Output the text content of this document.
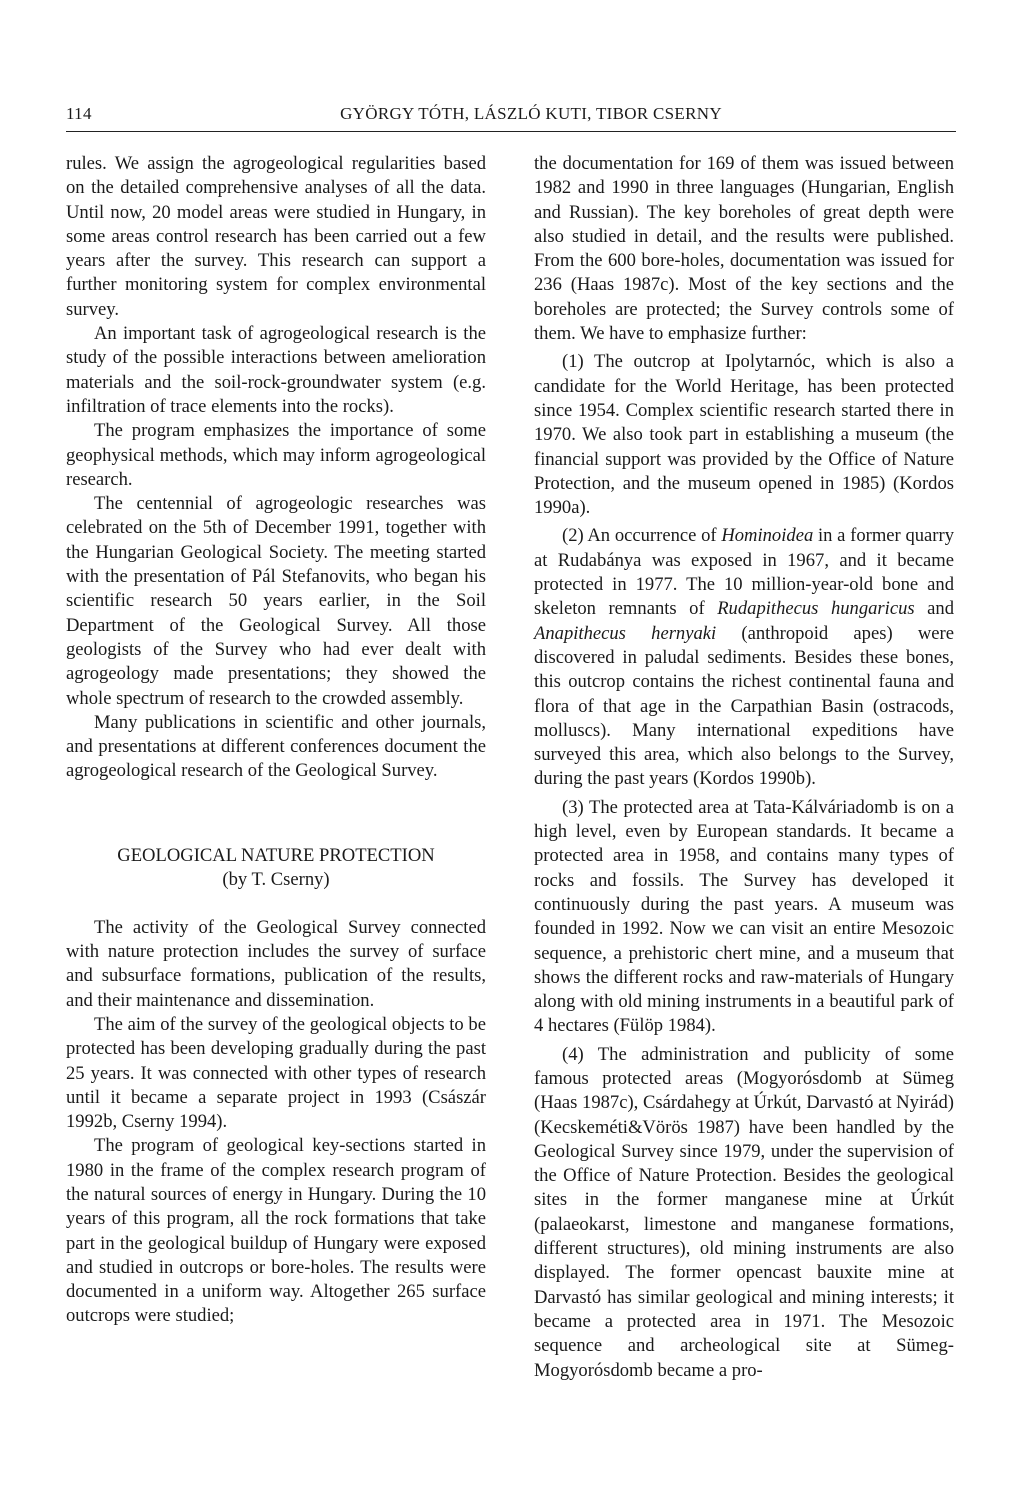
114	GYÖRGY TÓTH, LÁSZLÓ KUTI, TIBOR CSERNY

rules. We assign the agrogeological regularities based on the detailed comprehensive analyses of all the data. Until now, 20 model areas were studied in Hungary, in some areas control research has been carried out a few years after the survey. This research can support a further monitoring system for complex environmental survey.

An important task of agrogeological research is the study of the possible interactions between amelioration materials and the soil-rock-groundwater system (e.g. infiltration of trace elements into the rocks).

The program emphasizes the importance of some geophysical methods, which may inform agrogeological research.

The centennial of agrogeologic researches was celebrated on the 5th of December 1991, together with the Hungarian Geological Society. The meeting started with the presentation of Pál Stefanovits, who began his scientific research 50 years earlier, in the Soil Department of the Geological Survey. All those geologists of the Survey who had ever dealt with agrogeology made presentations; they showed the whole spectrum of research to the crowded assembly.

Many publications in scientific and other journals, and presentations at different conferences document the agrogeological research of the Geological Survey.

GEOLOGICAL NATURE PROTECTION
(by T. Cserny)

The activity of the Geological Survey connected with nature protection includes the survey of surface and subsurface formations, publication of the results, and their maintenance and dissemination.

The aim of the survey of the geological objects to be protected has been developing gradually during the past 25 years. It was connected with other types of research until it became a separate project in 1993 (Császár 1992b, Cserny 1994).

The program of geological key-sections started in 1980 in the frame of the complex research program of the natural sources of energy in Hungary. During the 10 years of this program, all the rock formations that take part in the geological buildup of Hungary were exposed and studied in outcrops or bore-holes. The results were documented in a uniform way. Altogether 265 surface outcrops were studied;

the documentation for 169 of them was issued between 1982 and 1990 in three languages (Hungarian, English and Russian). The key boreholes of great depth were also studied in detail, and the results were published. From the 600 bore-holes, documentation was issued for 236 (Haas 1987c). Most of the key sections and the boreholes are protected; the Survey controls some of them. We have to emphasize further:

(1) The outcrop at Ipolytarnóc, which is also a candidate for the World Heritage, has been protected since 1954. Complex scientific research started there in 1970. We also took part in establishing a museum (the financial support was provided by the Office of Nature Protection, and the museum opened in 1985) (Kordos 1990a).

(2) An occurrence of Hominoidea in a former quarry at Rudabánya was exposed in 1967, and it became protected in 1977. The 10 million-year-old bone and skeleton remnants of Rudapithecus hungaricus and Anapithecus hernyaki (anthropoid apes) were discovered in paludal sediments. Besides these bones, this outcrop contains the richest continental fauna and flora of that age in the Carpathian Basin (ostracods, molluscs). Many international expeditions have surveyed this area, which also belongs to the Survey, during the past years (Kordos 1990b).

(3) The protected area at Tata-Kálváriadomb is on a high level, even by European standards. It became a protected area in 1958, and contains many types of rocks and fossils. The Survey has developed it continuously during the past years. A museum was founded in 1992. Now we can visit an entire Mesozoic sequence, a prehistoric chert mine, and a museum that shows the different rocks and raw-materials of Hungary along with old mining instruments in a beautiful park of 4 hectares (Fülöp 1984).

(4) The administration and publicity of some famous protected areas (Mogyorósdomb at Sümeg (Haas 1987c), Csárdahegy at Úrkút, Darvastó at Nyirád) (Kecskeméti&Vörös 1987) have been handled by the Geological Survey since 1979, under the supervision of the Office of Nature Protection. Besides the geological sites in the former manganese mine at Úrkút (palaeokarst, limestone and manganese formations, different structures), old mining instruments are also displayed. The former opencast bauxite mine at Darvastó has similar geological and mining interests; it became a protected area in 1971. The Mesozoic sequence and archeological site at Sümeg-Mogyorósdomb became a pro-
